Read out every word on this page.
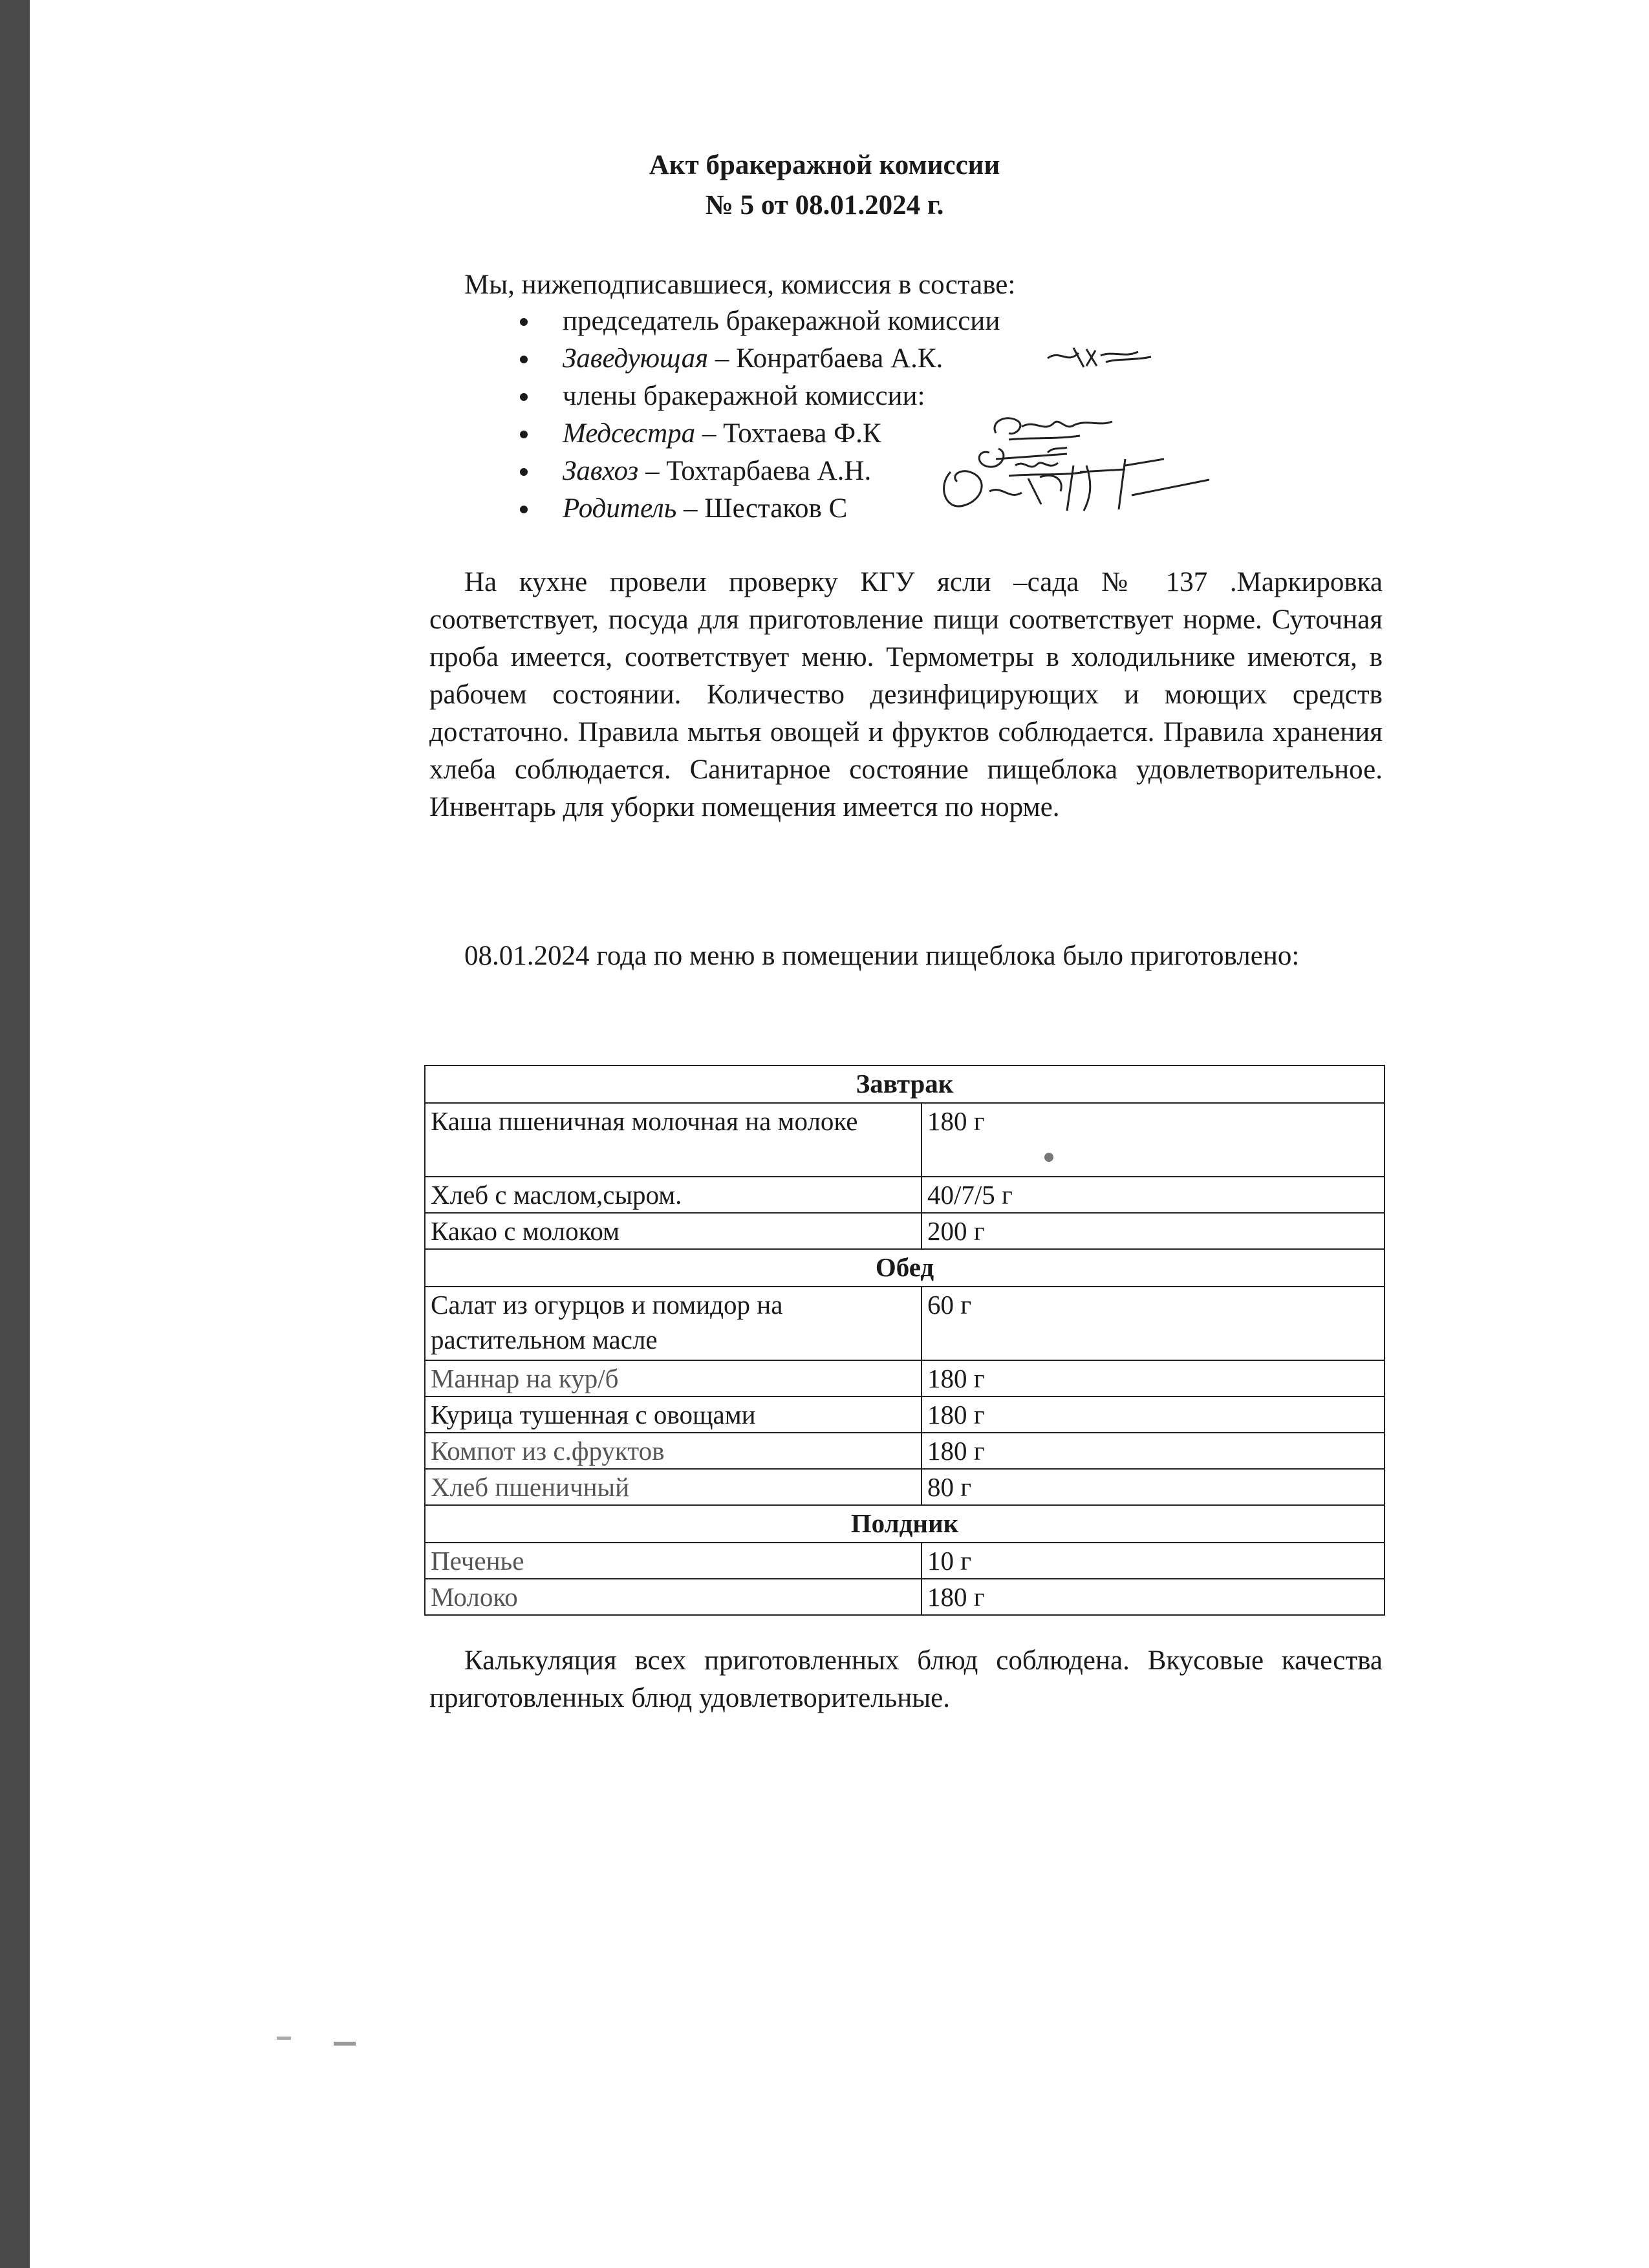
Акт бракеражной комиссии
№ 5 от 08.01.2024 г.
Мы, нижеподписавшиеся, комиссия в составе:
председатель бракеражной комиссии
Заведующая – Конратбаева А.К.
члены бракеражной комиссии:
Медсестра – Тохтаева Ф.К
Завхоз – Тохтарбаева А.Н.
Родитель – Шестаков С

На кухне провели проверку КГУ ясли –сада № 137 .Маркировка соответствует, посуда для приготовление пищи соответствует норме. Суточная проба имеется, соответствует меню. Термометры в холодильнике имеются, в рабочем состоянии. Количество дезинфицирующих и моющих средств достаточно. Правила мытья овощей и фруктов соблюдается. Правила хранения хлеба соблюдается. Санитарное состояние пищеблока удовлетворительное. Инвентарь для уборки помещения имеется по норме.

08.01.2024 года по меню в помещении пищеблока было приготовлено:

Завтрак	
Каша пшеничная молочная на молоке	180 г
Хлеб с маслом,сыром.	40/7/5 г
Какао с молоком	200 г
Обед	
Салат из огурцов и помидор на растительном масле	60 г
Маннар на кур/б	180 г
Курица тушенная с овощами	180 г
Компот из с.фруктов	180 г
Хлеб пшеничный	80 г
Полдник	
Печенье	10 г
Молоко	180 г

Калькуляция всех приготовленных блюд соблюдена. Вкусовые качества приготовленных блюд удовлетворительные.
